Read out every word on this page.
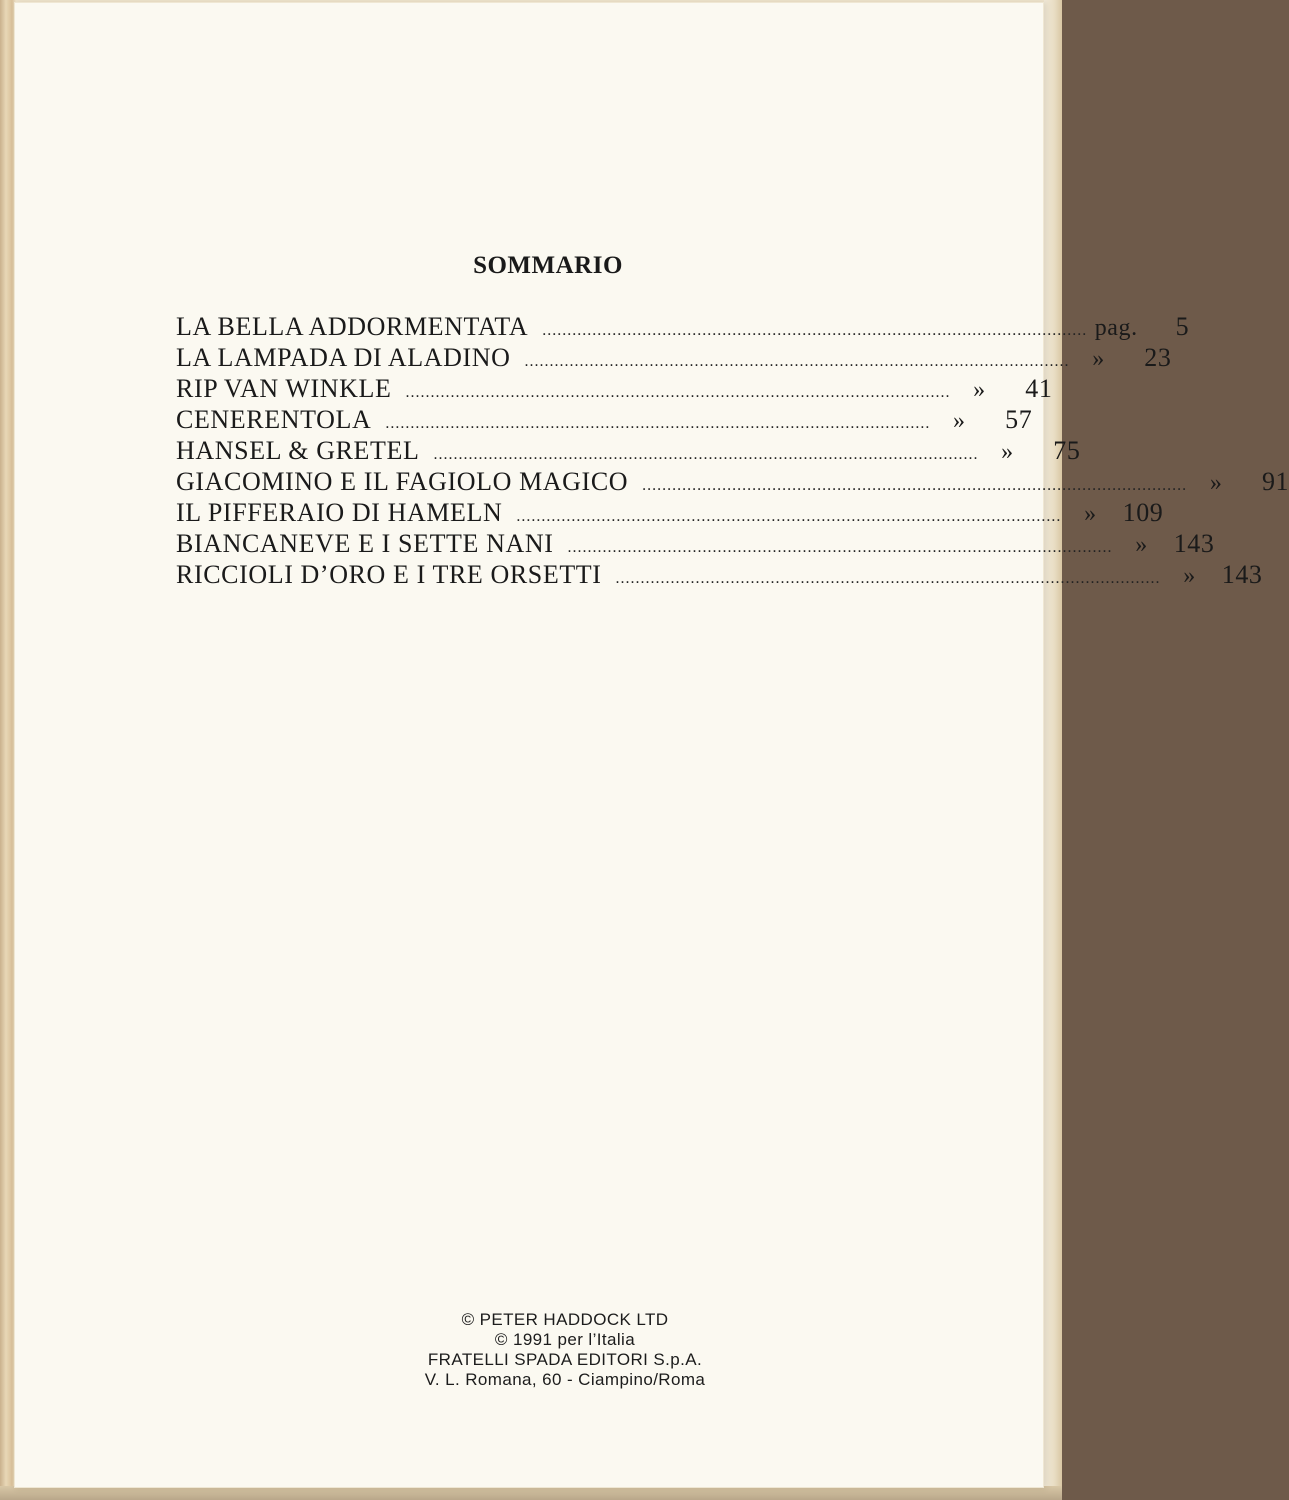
SOMMARIO
LA BELLA ADDORMENTATA ............................................................................................................. pag.	5
LA LAMPADA DI ALADINO ............................................................................................................. »	23
RIP VAN WINKLE ............................................................................................................. »	41
CENERENTOLA ............................................................................................................. »	57
HANSEL & GRETEL ............................................................................................................. »	75
GIACOMINO E IL FAGIOLO MAGICO ............................................................................................................. »	91
IL PIFFERAIO DI HAMELN ............................................................................................................. » 109
BIANCANEVE E I SETTE NANI ............................................................................................................. » 143
RICCIOLI D’ORO E I TRE ORSETTI ............................................................................................................. » 143
© PETER HADDOCK LTD
© 1991 per l’Italia
FRATELLI SPADA EDITORI S.p.A.
V. L. Romana, 60 - Ciampino/Roma
